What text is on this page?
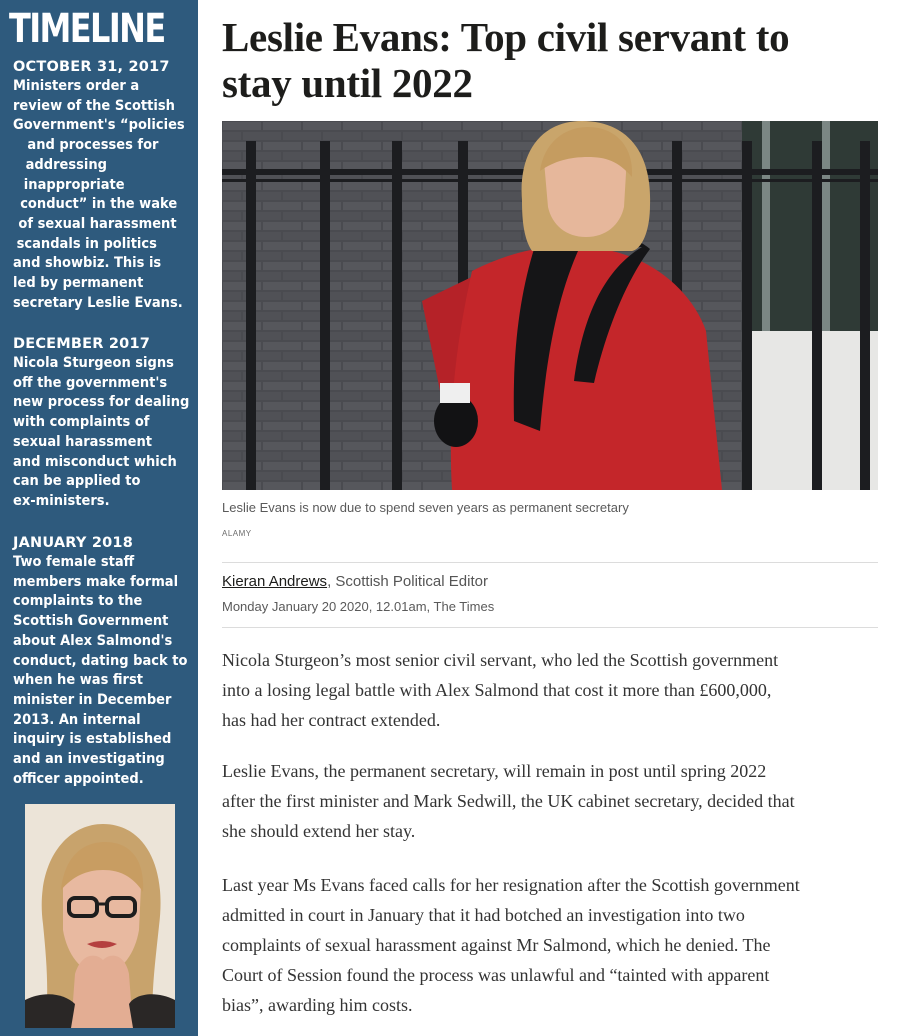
TIMELINE
OCTOBER 31, 2017
Ministers order a
review of the Scottish
Government's “policies
and processes for
addressing
inappropriate
conduct” in the wake
of sexual harassment
scandals in politics
and showbiz. This is
led by permanent
secretary Leslie Evans.
DECEMBER 2017
Nicola Sturgeon signs
off the government's
new process for dealing
with complaints of
sexual harassment
and misconduct which
can be applied to
ex-ministers.
JANUARY 2018
Two female staff
members make formal
complaints to the
Scottish Government
about Alex Salmond's
conduct, dating back to
when he was first
minister in December
2013. An internal
inquiry is established
and an investigating
officer appointed.
Leslie Evans: Top civil servant to
stay until 2022
Leslie Evans is now due to spend seven years as permanent secretary
ALAMY
Kieran Andrews, Scottish Political Editor
Monday January 20 2020, 12.01am, The Times
Nicola Sturgeon’s most senior civil servant, who led the Scottish government
into a losing legal battle with Alex Salmond that cost it more than £600,000,
has had her contract extended.
Leslie Evans, the permanent secretary, will remain in post until spring 2022
after the first minister and Mark Sedwill, the UK cabinet secretary, decided that
she should extend her stay.
Last year Ms Evans faced calls for her resignation after the Scottish government
admitted in court in January that it had botched an investigation into two
complaints of sexual harassment against Mr Salmond, which he denied. The
Court of Session found the process was unlawful and “tainted with apparent
bias”, awarding him costs.
